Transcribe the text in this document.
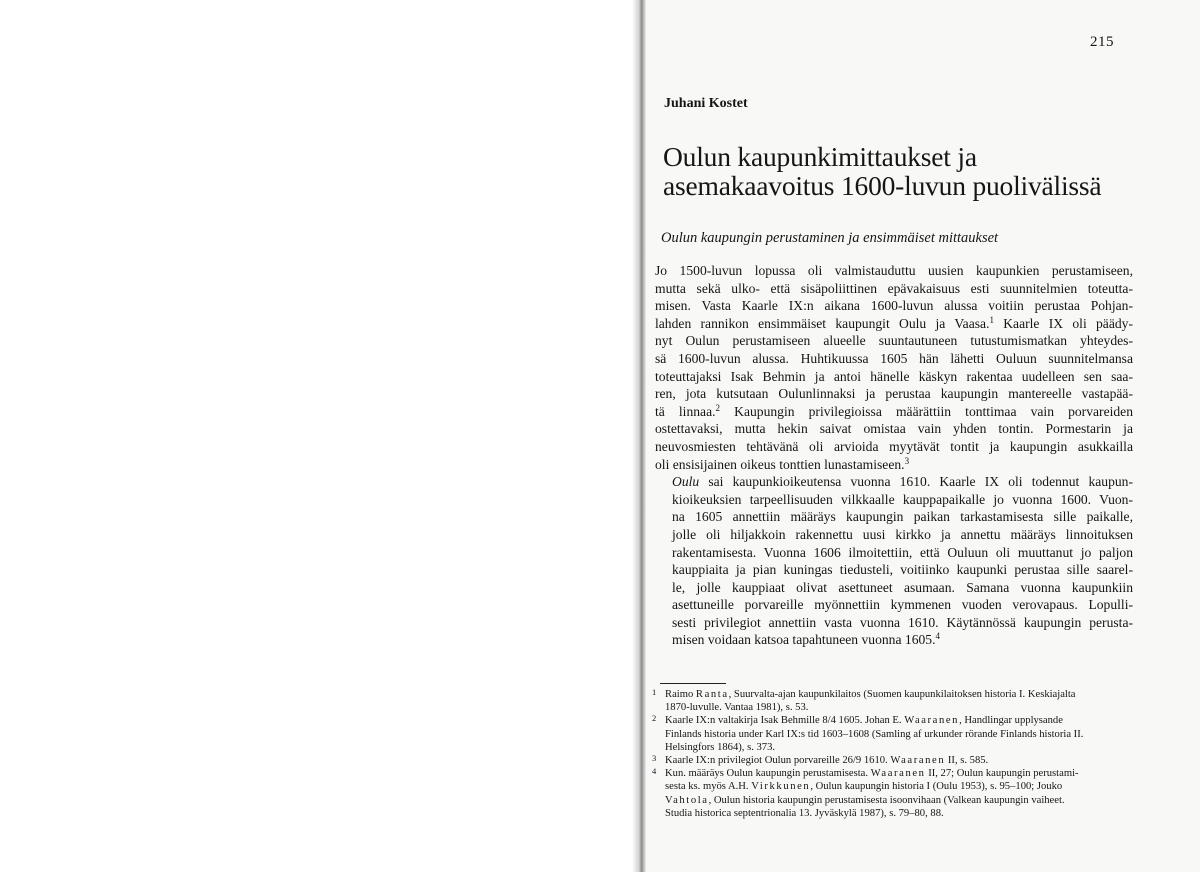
215
Juhani Kostet
Oulun kaupunkimittaukset ja
asemakaavoitus 1600-luvun puolivälissä
Oulun kaupungin perustaminen ja ensimmäiset mittaukset

Jo 1500-luvun lopussa oli valmistauduttu uusien kaupunkien perustamiseen,
mutta sekä ulko- että sisäpoliittinen epävakaisuus esti suunnitelmien toteutta-
misen. Vasta Kaarle IX:n aikana 1600-luvun alussa voitiin perustaa Pohjan-
lahden rannikon ensimmäiset kaupungit Oulu ja Vaasa.$^1$ Kaarle IX oli päädy-
nyt Oulun perustamiseen alueelle suuntautuneen tutustumismatkan yhteydes-
sä 1600-luvun alussa. Huhtikuussa 1605 hän lähetti Ouluun suunnitelmansa
toteuttajaksi Isak Behmin ja antoi hänelle käskyn rakentaa uudelleen sen saa-
ren, jota kutsutaan Oulunlinnaksi ja perustaa kaupungin mantereelle vastapää-
tä linnaa.$^2$ Kaupungin privilegioissa määrättiin tonttimaa vain porvareiden
ostettavaksi, mutta hekin saivat omistaa vain yhden tontin. Pormestarin ja
neuvosmiesten tehtävänä oli arvioida myytävät tontit ja kaupungin asukkailla
oli ensisijainen oikeus tonttien lunastamiseen.$^3$

Oulu sai kaupunkioikeutensa vuonna 1610. Kaarle IX oli todennut kaupun-
kioikeuksien tarpeellisuuden vilkkaalle kauppapaikalle jo vuonna 1600. Vuon-
na 1605 annettiin määräys kaupungin paikan tarkastamisesta sille paikalle,
jolle oli hiljakkoin rakennettu uusi kirkko ja annettu määräys linnoituksen
rakentamisesta. Vuonna 1606 ilmoitettiin, että Ouluun oli muuttanut jo paljon
kauppiaita ja pian kuningas tiedusteli, voitiinko kaupunki perustaa sille saarel-
le, jolle kauppiaat olivat asettuneet asumaan. Samana vuonna kaupunkiin
asettuneille porvareille myönnettiin kymmenen vuoden verovapaus. Lopulli-
sesti privilegiot annettiin vasta vuonna 1610. Käytännössä kaupungin perusta-
misen voidaan katsoa tapahtuneen vuonna 1605.$^4$

1 Raimo Ranta, Suurvalta-ajan kaupunkilaitos (Suomen kaupunkilaitoksen historia I. Keskiajalta
1870-luvulle. Vantaa 1981), s. 53.

2 Kaarle IX:n valtakirja Isak Behmille 8/4 1605. Johan E. Waaranen, Handlingar upplysande
Finlands historia under Karl IX:s tid 1603–1608 (Samling af urkunder rörande Finlands historia II.
Helsingfors 1864), s. 373.

3 Kaarle IX:n privilegiot Oulun porvareille 26/9 1610. Waaranen II, s. 585.

4 Kun. määräys Oulun kaupungin perustamisesta. Waaranen II, 27; Oulun kaupungin perustami-
sesta ks. myös A.H. Virkkunen, Oulun kaupungin historia I (Oulu 1953), s. 95–100; Jouko
Vahtola, Oulun historia kaupungin perustamisesta isoonvihaan (Valkean kaupungin vaiheet.
Studia historica septentrionalia 13. Jyväskylä 1987), s. 79–80, 88.
